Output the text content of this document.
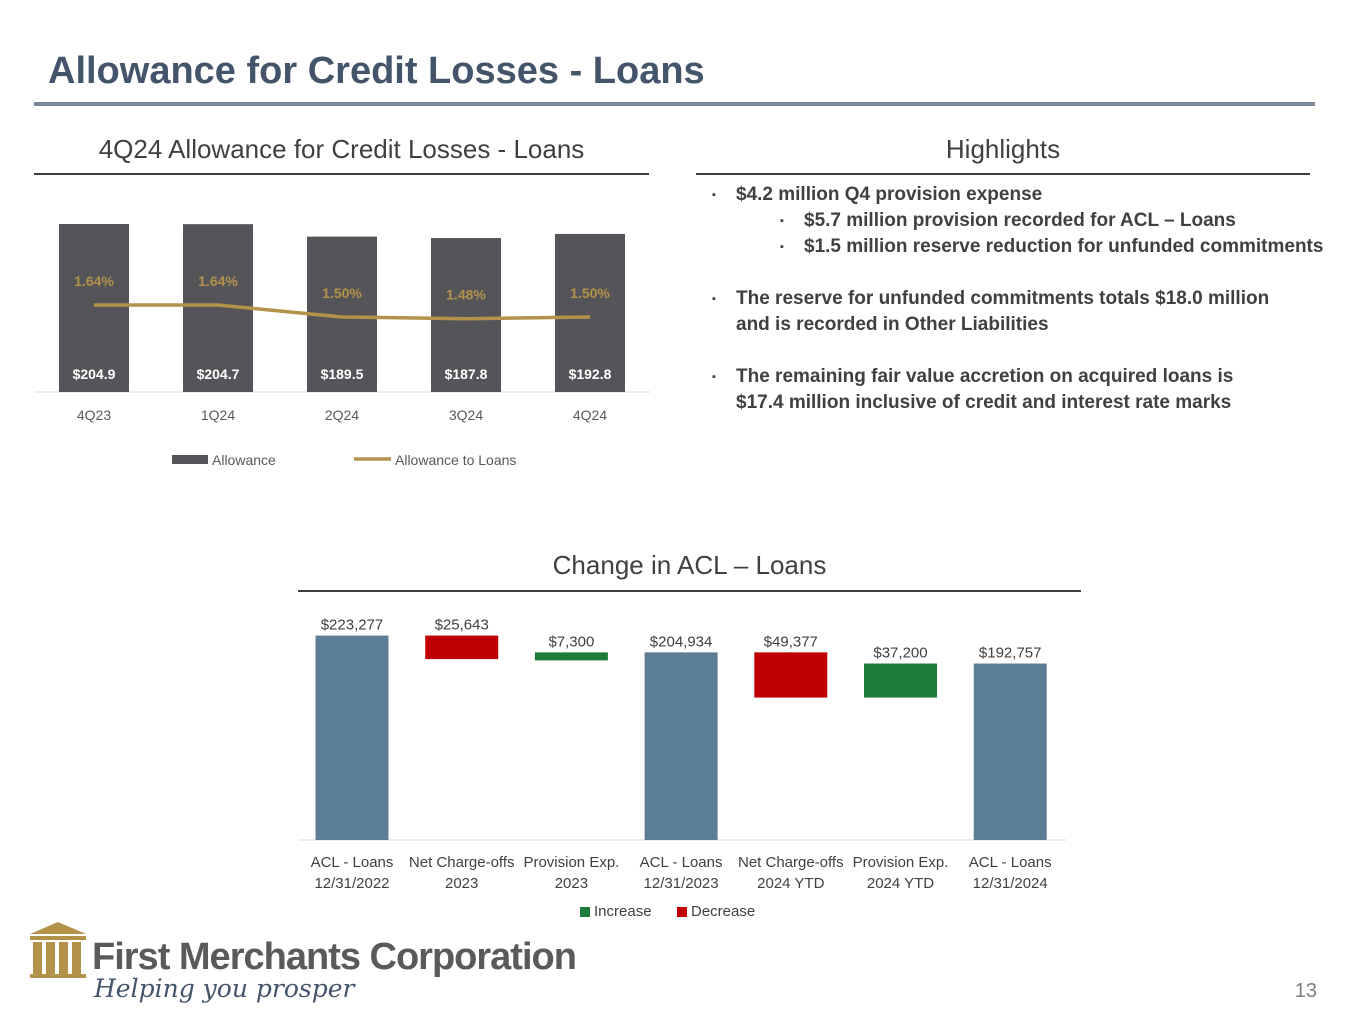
Allowance for Credit Losses - Loans
4Q24 Allowance for Credit Losses - Loans	Highlights
▪ $4.2 million Q4 provision expense
▪ $5.7 million provision recorded for ACL – Loans
▪ $1.5 million reserve reduction for unfunded commitments
▪ The reserve for unfunded commitments totals $18.0 million and is recorded in Other Liabilities
▪ The remaining fair value accretion on acquired loans is $17.4 million inclusive of credit and interest rate marks
$204.9
4Q23
1.64%
$204.7
1Q24
1.64%
$189.5
2Q24
1.50%
$187.8
3Q24
1.48%
$192.8
4Q24
1.50%
Allowance	Allowance to Loans
Change in ACL – Loans
$223,277
ACL - Loans
12/31/2022
$25,643
Net Charge-offs
2023
$7,300
Provision Exp.
2023
$204,934
ACL - Loans
12/31/2023
$49,377
Net Charge-offs
2024 YTD
$37,200
Provision Exp.
2024 YTD
$192,757
ACL - Loans
12/31/2024
Increase	Decrease
First Merchants Corporation
Helping you prosper	13
